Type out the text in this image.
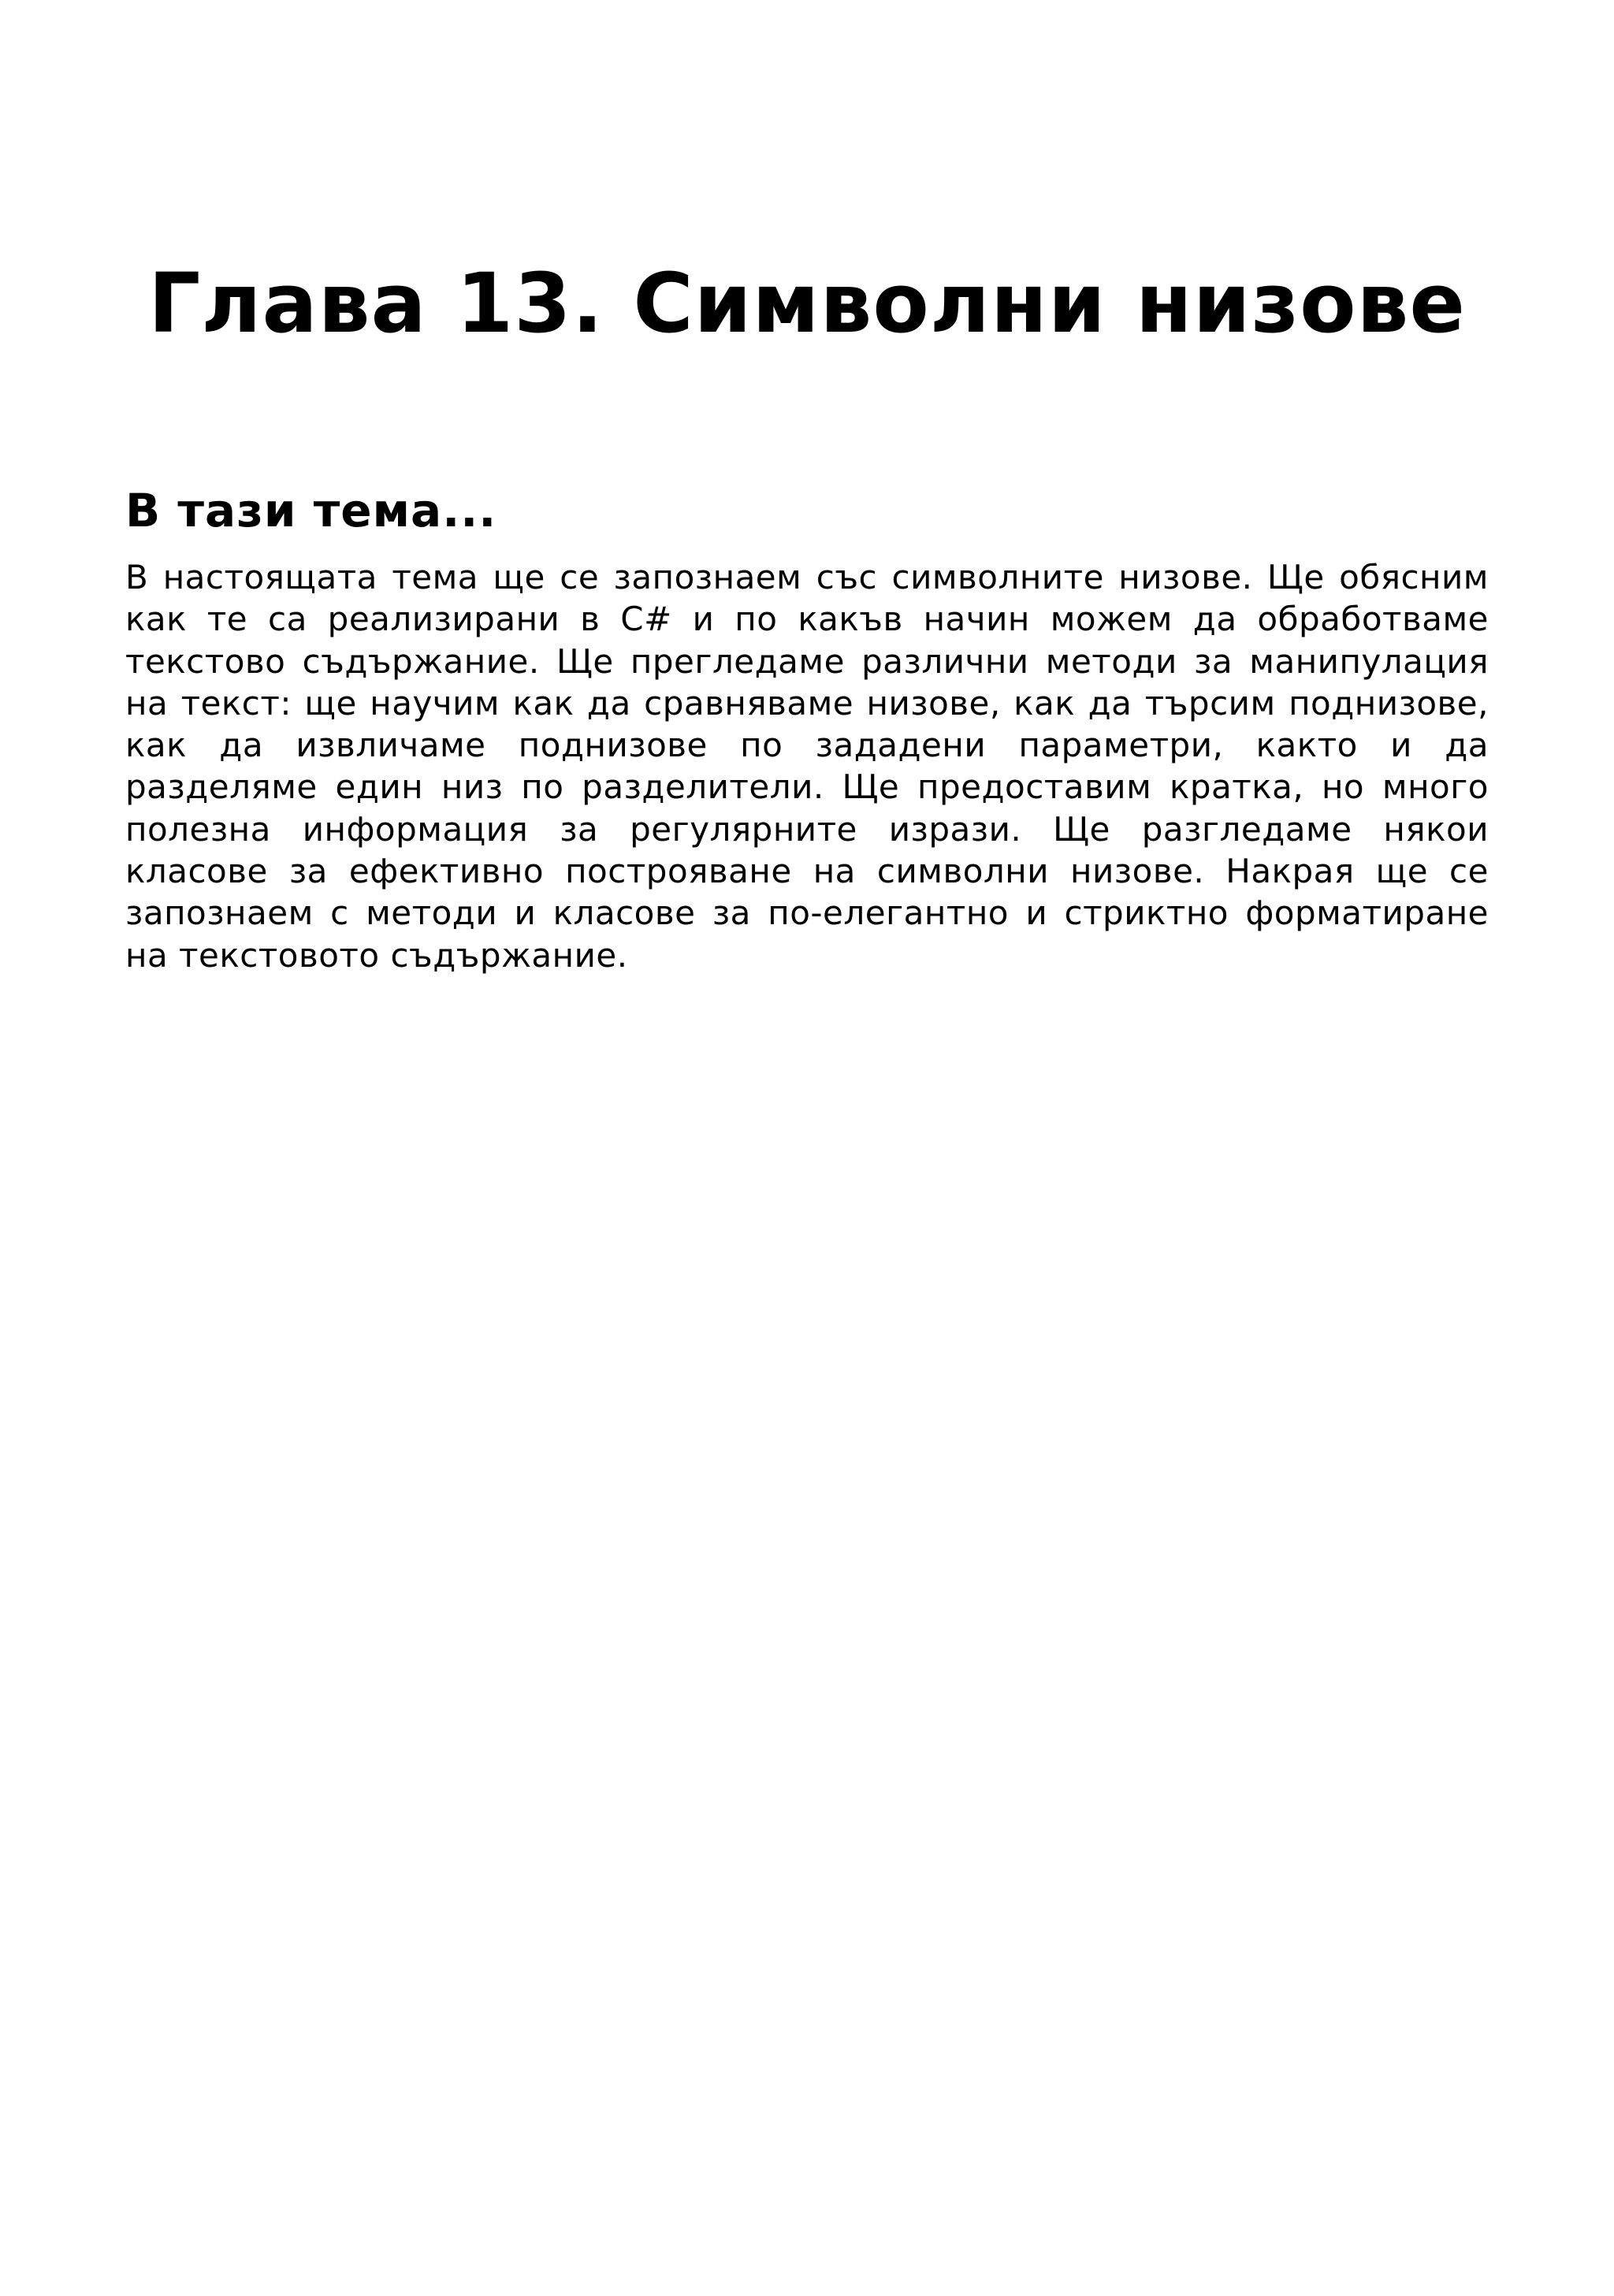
Глава 13. Символни низове
В тази тема...

В настоящата тема ще се запознаем със символните низове. Ще обясним как те са реализирани в C# и по какъв начин можем да обработваме текстово съдържание. Ще прегледаме различни методи за манипулация на текст: ще научим как да сравняваме низове, как да търсим поднизове, как да извличаме поднизове по зададени параметри, както и да разделяме един низ по разделители. Ще предоставим кратка, но много полезна информация за регулярните изрази. Ще разгледаме някои класове за ефективно построяване на символни низове. Накрая ще се запознаем с методи и класове за по-елегантно и стриктно форматиране на текстовото съдържание.
